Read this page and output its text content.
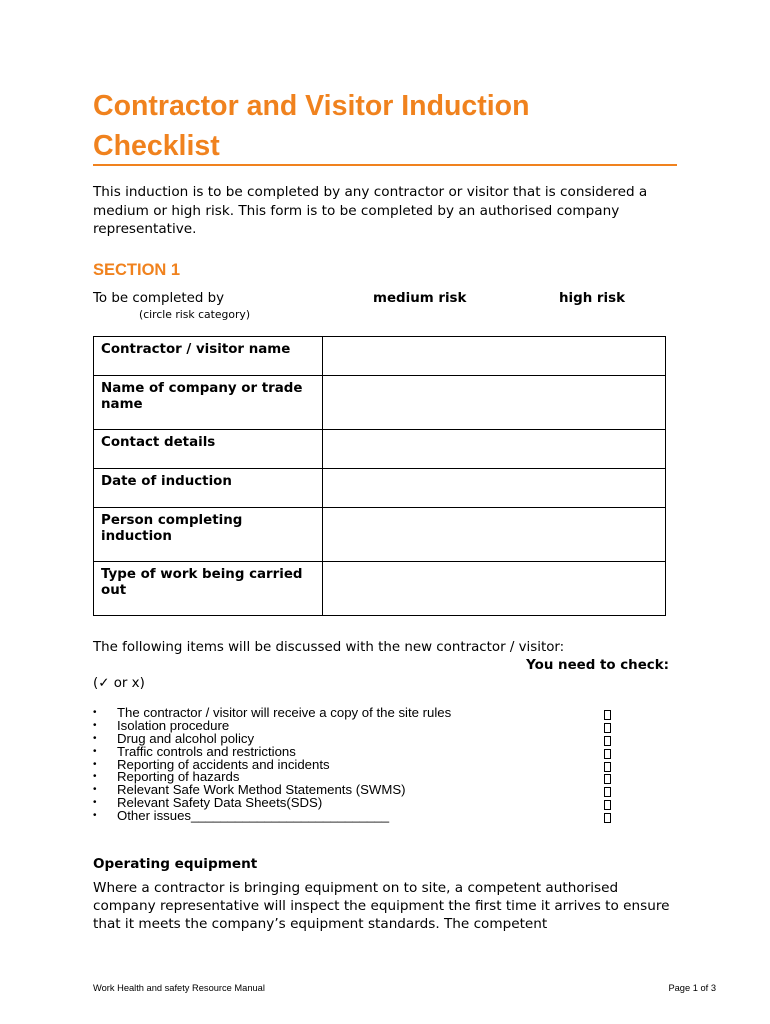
Contractor and Visitor Induction
Checklist

This induction is to be completed by any contractor or visitor that is considered a medium or high risk. This form is to be completed by an authorised company representative.

SECTION 1
To be completed by
(circle risk category)
medium risk	high risk
Contractor / visitor name	
Name of company or trade name	
Contact details	
Date of induction	
Person completing induction	
Type of work being carried out	
The following items will be discussed with the new contractor / visitor:
You need to check:
(✓ or x)
• The contractor / visitor will receive a copy of the site rules
• Isolation procedure
• Drug and alcohol policy
• Traffic controls and restrictions
• Reporting of accidents and incidents
• Reporting of hazards
• Relevant Safe Work Method Statements (SWMS)
• Relevant Safety Data Sheets(SDS)
• Other issues___________________________
Operating equipment

Where a contractor is bringing equipment on to site, a competent authorised company representative will inspect the equipment the first time it arrives to ensure that it meets the company’s equipment standards. The competent

Work Health and safety Resource Manual	Page 1 of 3
